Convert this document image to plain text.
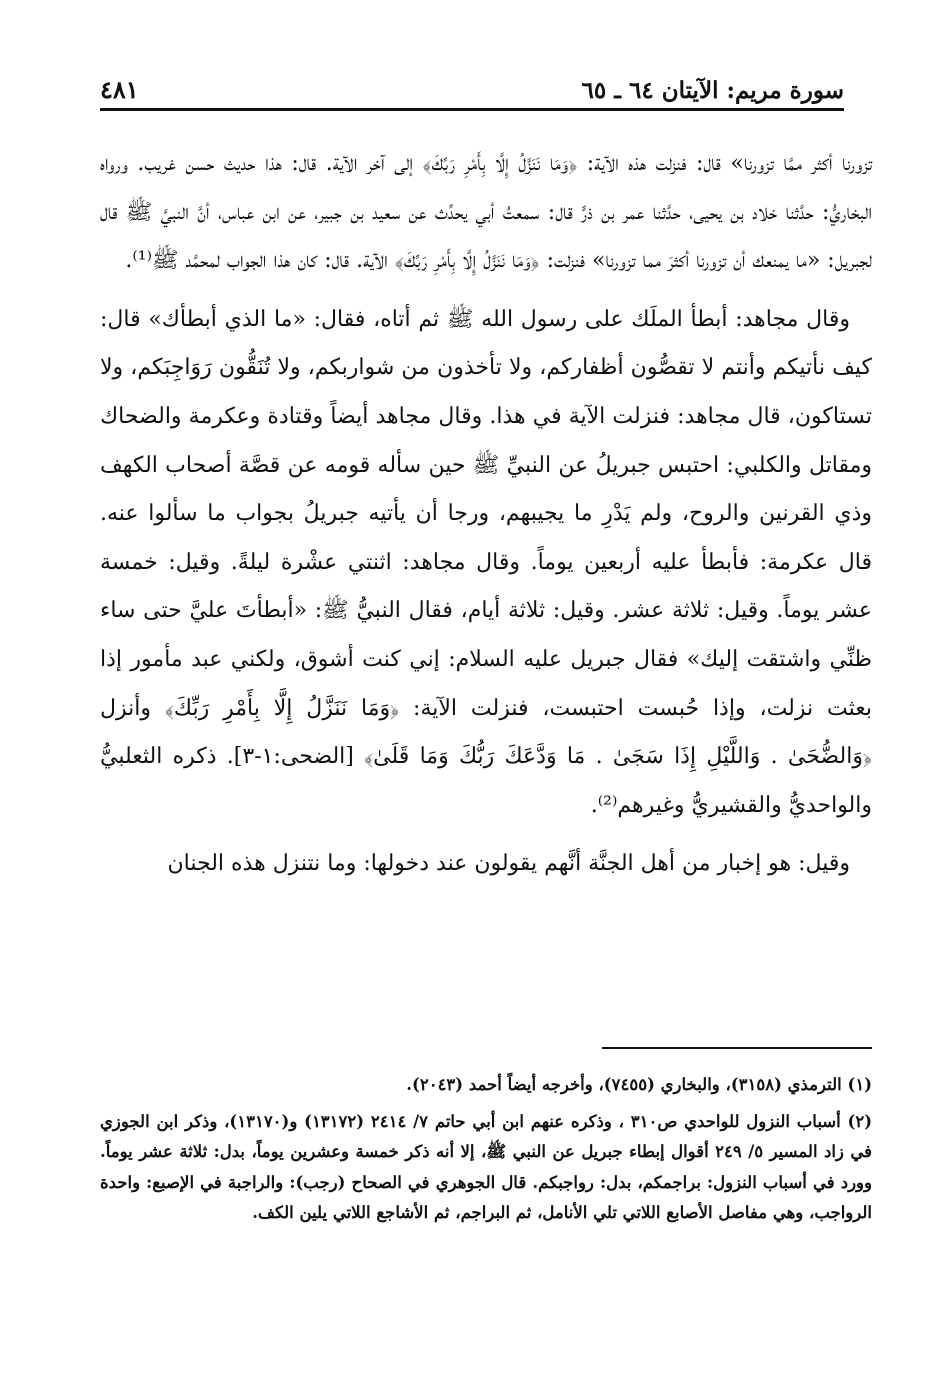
سورة مريم: الآيتان ٦٤ ـ ٦٥
٤٨١

تزورنا أكثر ممَّا تزورنا» قال: فنزلت هذه الآية: ﴿وَمَا نَنَزَّلُ إِلَّا بِأَمْرِ رَبِّكَ﴾ إلى آخر الآية. قال: هذا حديث حسن غريب. ورواه البخاريُّ: حدَّثنا خلاد بن يحيى، حدَّثنا عمر بن ذرٍّ قال: سمعتُ أبي يحدِّث عن سعيد بن جبير، عن ابن عباس، أنَّ النبيَّ ﷺ قال لجبريل: «ما يمنعك أن تزورنا أكثرَ مما تزورنا» فنزلت: ﴿وَمَا نَنَزَّلُ إِلَّا بِأَمْرِ رَبِّكَ﴾ الآية. قال: كان هذا الجواب لمحمَّد ﷺ⁽¹⁾.

وقال مجاهد: أبطأ الملَك على رسول الله ﷺ ثم أتاه، فقال: «ما الذي أبطأك» قال: كيف نأتيكم وأنتم لا تقصُّون أظفاركم، ولا تأخذون من شواربكم، ولا تُنَقُّون رَوَاجِبَكم، ولا تستاكون، قال مجاهد: فنزلت الآية في هذا. وقال مجاهد أيضاً وقتادة وعكرمة والضحاك ومقاتل والكلبي: احتبس جبريلُ عن النبيِّ ﷺ حين سأله قومه عن قصَّة أصحاب الكهف وذي القرنين والروح، ولم يَدْرِ ما يجيبهم، ورجا أن يأتيه جبريلُ بجواب ما سألوا عنه. قال عكرمة: فأبطأ عليه أربعين يوماً. وقال مجاهد: اثنتي عشْرة ليلةً. وقيل: خمسة عشر يوماً. وقيل: ثلاثة عشر. وقيل: ثلاثة أيام، فقال النبيُّ ﷺ: «أبطأتَ عليَّ حتى ساء ظنِّي واشتقت إليك» فقال جبريل عليه السلام: إني كنت أشوق، ولكني عبد مأمور إذا بعثت نزلت، وإذا حُبست احتبست، فنزلت الآية: ﴿وَمَا نَنَزَّلُ إِلَّا بِأَمْرِ رَبِّكَ﴾ وأنزل ﴿وَالضُّحَىٰ . وَاللَّيْلِ إِذَا سَجَىٰ . مَا وَدَّعَكَ رَبُّكَ وَمَا قَلَىٰ﴾ [الضحى:١-٣]. ذكره الثعلبيُّ والواحديُّ والقشيريُّ وغيرهم⁽²⁾.

وقيل: هو إخبار من أهل الجنَّة أنَّهم يقولون عند دخولها: وما نتنزل هذه الجنان

(١) الترمذي (٣١٥٨)، والبخاري (٧٤٥٥)، وأخرجه أيضاً أحمد (٢٠٤٣).

(٢) أسباب النزول للواحدي ص٣١٠ ، وذكره عنهم ابن أبي حاتم ٧/ ٢٤١٤ (١٣١٧٢) و(١٣١٧٠)، وذكر ابن الجوزي في زاد المسير ٥/ ٢٤٩ أقوال إبطاء جبريل عن النبي ﷺ، إلا أنه ذكر خمسة وعشرين يوماً، بدل: ثلاثة عشر يوماً. وورد في أسباب النزول: براجمكم، بدل: رواجبكم. قال الجوهري في الصحاح (رجب): والراجبة في الإصبع: واحدة الرواجب، وهي مفاصل الأصابع اللاتي تلي الأنامل، ثم البراجم، ثم الأشاجع اللاتي يلين الكف.
